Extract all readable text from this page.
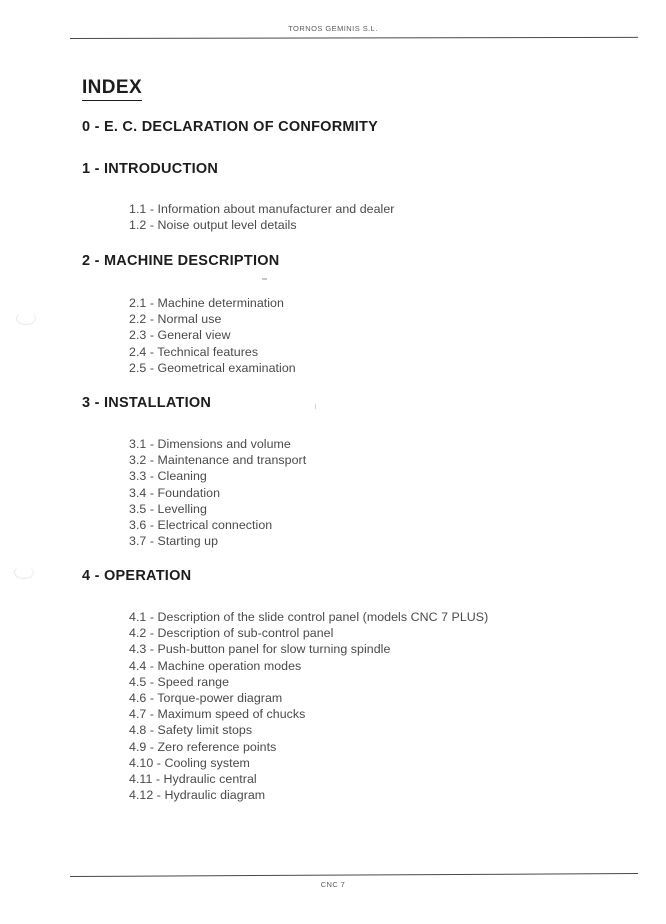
TORNOS GEMINIS S.L.
INDEX
0 - E. C. DECLARATION OF CONFORMITY
1 - INTRODUCTION
1.1 - Information about manufacturer and dealer
1.2 - Noise output level details
2 - MACHINE DESCRIPTION
2.1 - Machine determination
2.2 - Normal use
2.3 - General view
2.4 - Technical features
2.5 - Geometrical examination
3 - INSTALLATION
3.1 - Dimensions and volume
3.2 - Maintenance and transport
3.3 - Cleaning
3.4 - Foundation
3.5 - Levelling
3.6 - Electrical connection
3.7 - Starting up
4 - OPERATION
4.1 - Description of the slide control panel (models CNC 7 PLUS)
4.2 - Description of sub-control panel
4.3 - Push-button panel for slow turning spindle
4.4 - Machine operation modes
4.5 - Speed range
4.6 - Torque-power diagram
4.7 - Maximum speed of chucks
4.8 - Safety limit stops
4.9 - Zero reference points
4.10 - Cooling system
4.11 - Hydraulic central
4.12 - Hydraulic diagram
CNC 7
